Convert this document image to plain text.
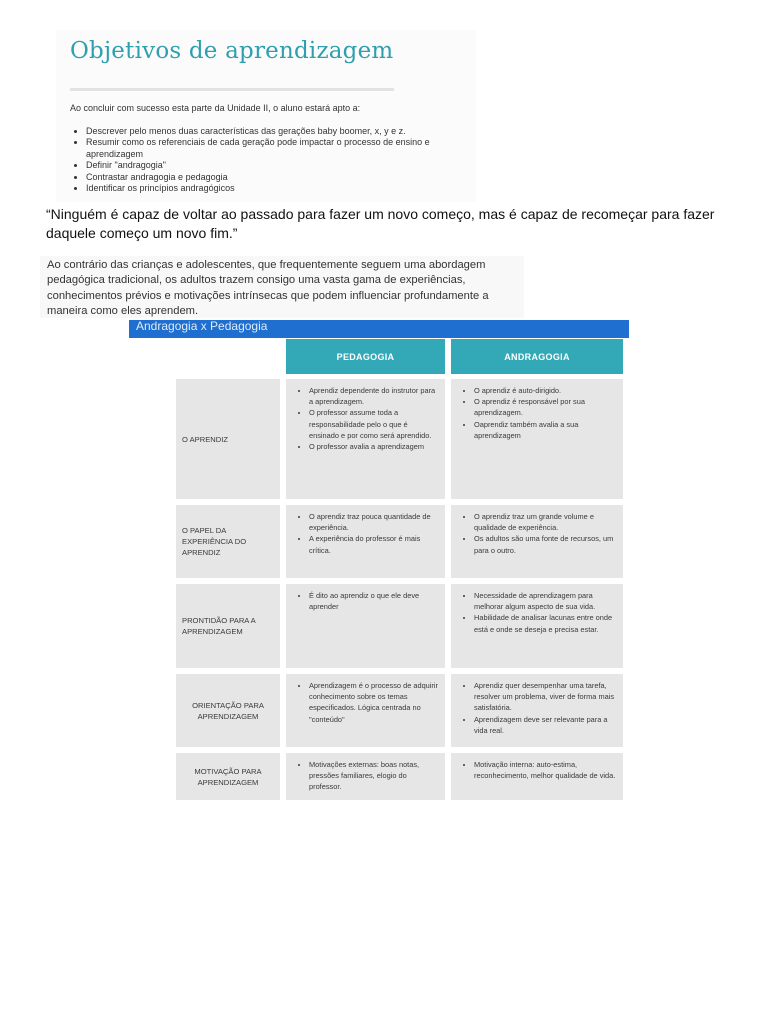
Objetivos de aprendizagem

Ao concluir com sucesso esta parte da Unidade II, o aluno estará apto a:

• Descrever pelo menos duas características das gerações baby boomer, x, y e z.
• Resumir como os referenciais de cada geração pode impactar o processo de ensino e aprendizagem
• Definir "andragogia"
• Contrastar andragogia e pedagogia
• Identificar os princípios andragógicos

“Ninguém é capaz de voltar ao passado para fazer um novo começo, mas é capaz de recomeçar para fazer daquele começo um novo fim.”

Ao contrário das crianças e adolescentes, que frequentemente seguem uma abordagem pedagógica tradicional, os adultos trazem consigo uma vasta gama de experiências, conhecimentos prévios e motivações intrínsecas que podem influenciar profundamente a maneira como eles aprendem.

Andragogia x Pedagogia
PEDAGOGIA	ANDRAGOGIA
O APRENDIZ
• Aprendiz dependente do instrutor para a aprendizagem.
• O professor assume toda a responsabilidade pelo o que é ensinado e por como será aprendido.
• O professor avalia a aprendizagem
• O aprendiz é auto-dirigido.
• O aprendiz é responsável por sua aprendizagem.
• Oaprendiz também avalia a sua aprendizagem
O PAPEL DA EXPERIÊNCIA DO APRENDIZ
• O aprendiz traz pouca quantidade de experiência.
• A experiência do professor é mais crítica.
• O aprendiz traz um grande volume e qualidade de experiência.
• Os adultos são uma fonte de recursos, um para o outro.
PRONTIDÃO PARA A APRENDIZAGEM
• É dito ao aprendiz o que ele deve aprender
• Necessidade de aprendizagem para melhorar algum aspecto de sua vida.
• Habilidade de analisar lacunas entre onde está e onde se deseja e precisa estar.
ORIENTAÇÃO PARA APRENDIZAGEM
• Aprendizagem é o processo de adquirir conhecimento sobre os temas especificados. Lógica centrada no "conteúdo"
• Aprendiz quer desempenhar uma tarefa, resolver um problema, viver de forma mais satisfatória.
• Aprendizagem deve ser relevante para a vida real.
MOTIVAÇÃO PARA APRENDIZAGEM
• Motivações externas: boas notas, pressões familiares, elogio do professor.
• Motivação interna: auto-estima, reconhecimento, melhor qualidade de vida.
